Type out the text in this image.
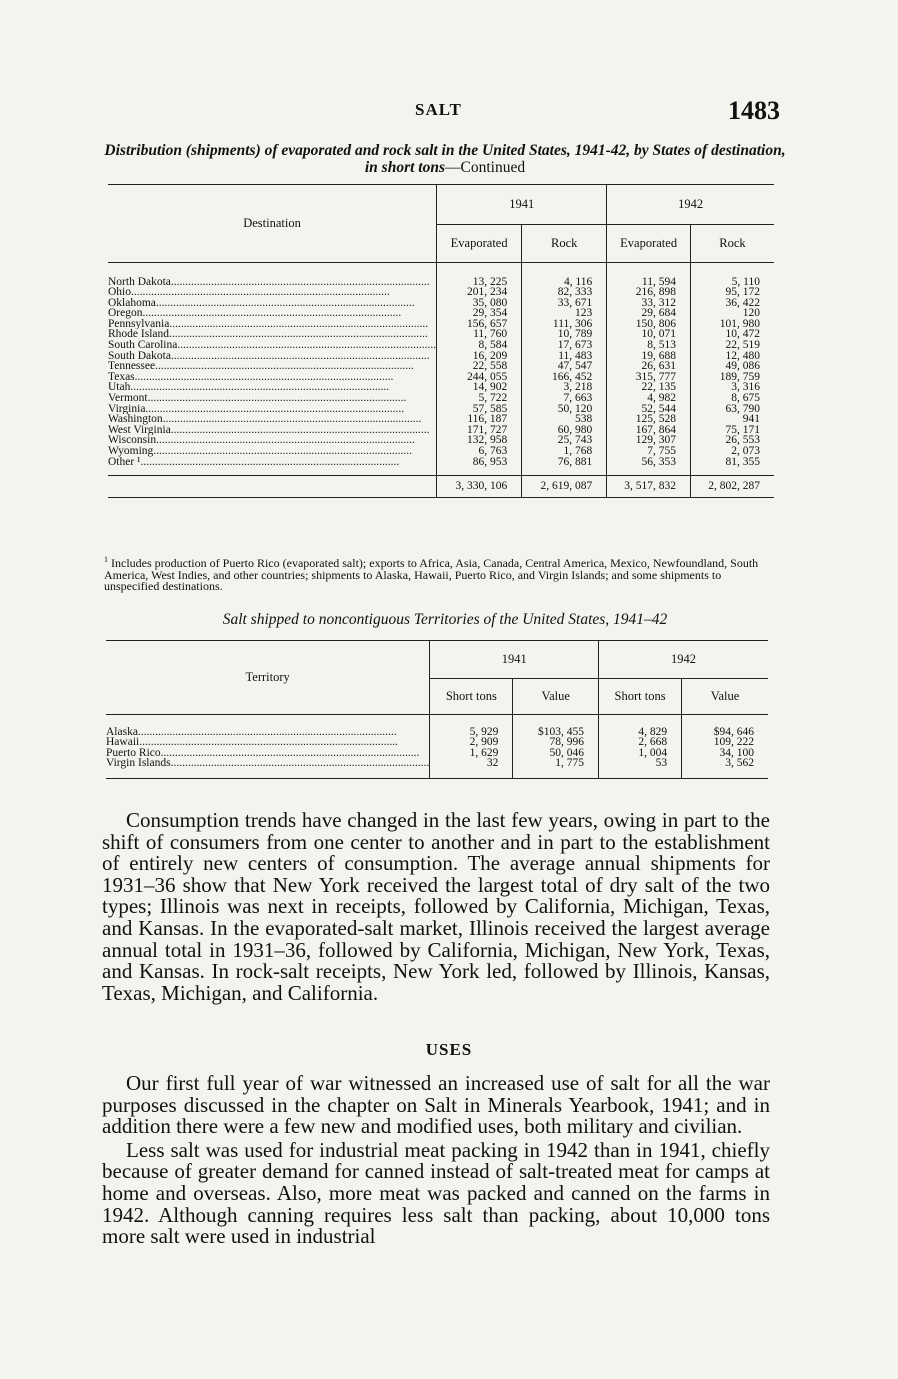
SALT	1483
Distribution (shipments) of evaporated and rock salt in the United States, 1941-42, by States of destination, in short tons—Continued
Destination	1941		1942	
	Evaporated	Rock	Evaporated	Rock

North Dakota..........................................................................................	13, 225	4, 116	11, 594	5, 110
Ohio..........................................................................................	201, 234	82, 333	216, 898	95, 172
Oklahoma..........................................................................................	35, 080	33, 671	33, 312	36, 422
Oregon..........................................................................................	29, 354	123	29, 684	120
Pennsylvania..........................................................................................	156, 657	111, 306	150, 806	101, 980
Rhode Island..........................................................................................	11, 760	10, 789	10, 071	10, 472
South Carolina..........................................................................................	8, 584	17, 673	8, 513	22, 519
South Dakota..........................................................................................	16, 209	11, 483	19, 688	12, 480
Tennessee..........................................................................................	22, 558	47, 547	26, 631	49, 086
Texas..........................................................................................	244, 055	166, 452	315, 777	189, 759
Utah..........................................................................................	14, 902	3, 218	22, 135	3, 316
Vermont..........................................................................................	5, 722	7, 663	4, 982	8, 675
Virginia..........................................................................................	57, 585	50, 120	52, 544	63, 790
Washington..........................................................................................	116, 187	538	125, 528	941
West Virginia..........................................................................................	171, 727	60, 980	167, 864	75, 171
Wisconsin..........................................................................................	132, 958	25, 743	129, 307	26, 553
Wyoming..........................................................................................	6, 763	1, 768	7, 755	2, 073
Other ¹..........................................................................................	86, 953	76, 881	56, 353	81, 355

	3, 330, 106	2, 619, 087	3, 517, 832	2, 802, 287
$^1$ Includes production of Puerto Rico (evaporated salt); exports to Africa, Asia, Canada, Central America, Mexico, Newfoundland, South America, West Indies, and other countries; shipments to Alaska, Hawaii, Puerto Rico, and Virgin Islands; and some shipments to unspecified destinations.
Salt shipped to noncontiguous Territories of the United States, 1941–42
Territory	1941		1942	
	Short tons	Value	Short tons	Value

Alaska..........................................................................................	5, 929	$103, 455	4, 829	$94, 646
Hawaii..........................................................................................	2, 909	78, 996	2, 668	109, 222
Puerto Rico..........................................................................................	1, 629	50, 046	1, 004	34, 100
Virgin Islands..........................................................................................	32	1, 775	53	3, 562

Consumption trends have changed in the last few years, owing in part to the shift of consumers from one center to another and in part to the establishment of entirely new centers of consumption. The average annual shipments for 1931–36 show that New York received the largest total of dry salt of the two types; Illinois was next in receipts, followed by California, Michigan, Texas, and Kansas. In the evaporated-salt market, Illinois received the largest average annual total in 1931–36, followed by California, Michigan, New York, Texas, and Kansas. In rock-salt receipts, New York led, followed by Illinois, Kansas, Texas, Michigan, and California.

USES

Our first full year of war witnessed an increased use of salt for all the war purposes discussed in the chapter on Salt in Minerals Yearbook, 1941; and in addition there were a few new and modified uses, both military and civilian.

Less salt was used for industrial meat packing in 1942 than in 1941, chiefly because of greater demand for canned instead of salt-treated meat for camps at home and overseas. Also, more meat was packed and canned on the farms in 1942. Although canning requires less salt than packing, about 10,000 tons more salt were used in industrial
